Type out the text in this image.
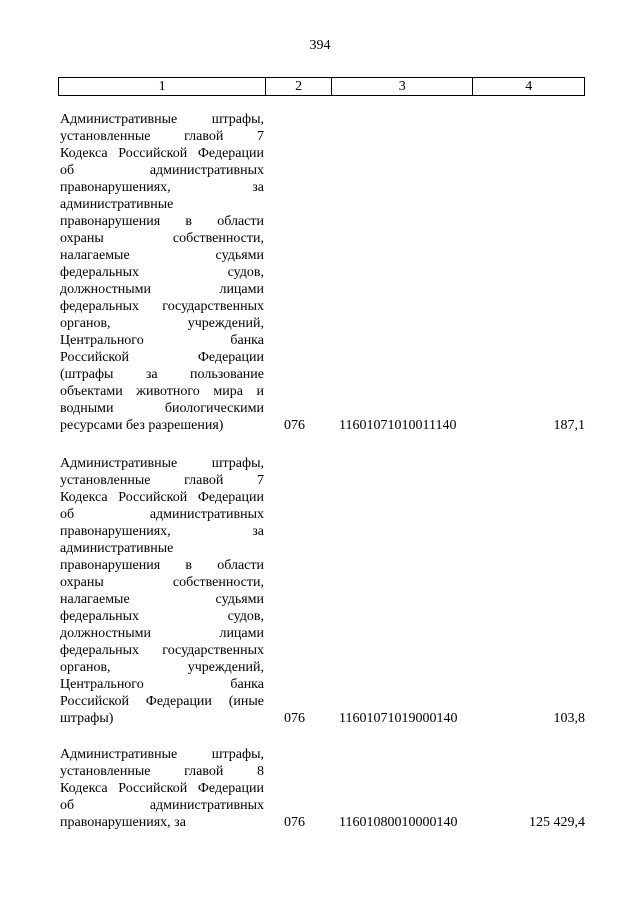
394
1	2	3	4
Административные штрафы,
установленные главой 7
Кодекса Российской Федерации
об административных
правонарушениях, за
административные
правонарушения в области
охраны собственности,
налагаемые судьями
федеральных судов,
должностными лицами
федеральных государственных
органов, учреждений,
Центрального банка
Российской Федерации
(штрафы за пользование
объектами животного мира и
водными биологическими
ресурсами без разрешения)	076	11601071010011140	187,1
Административные штрафы,
установленные главой 7
Кодекса Российской Федерации
об административных
правонарушениях, за
административные
правонарушения в области
охраны собственности,
налагаемые судьями
федеральных судов,
должностными лицами
федеральных государственных
органов, учреждений,
Центрального банка
Российской Федерации (иные
штрафы)	076	11601071019000140	103,8
Административные штрафы,
установленные главой 8
Кодекса Российской Федерации
об административных
правонарушениях, за	076	11601080010000140	125 429,4
